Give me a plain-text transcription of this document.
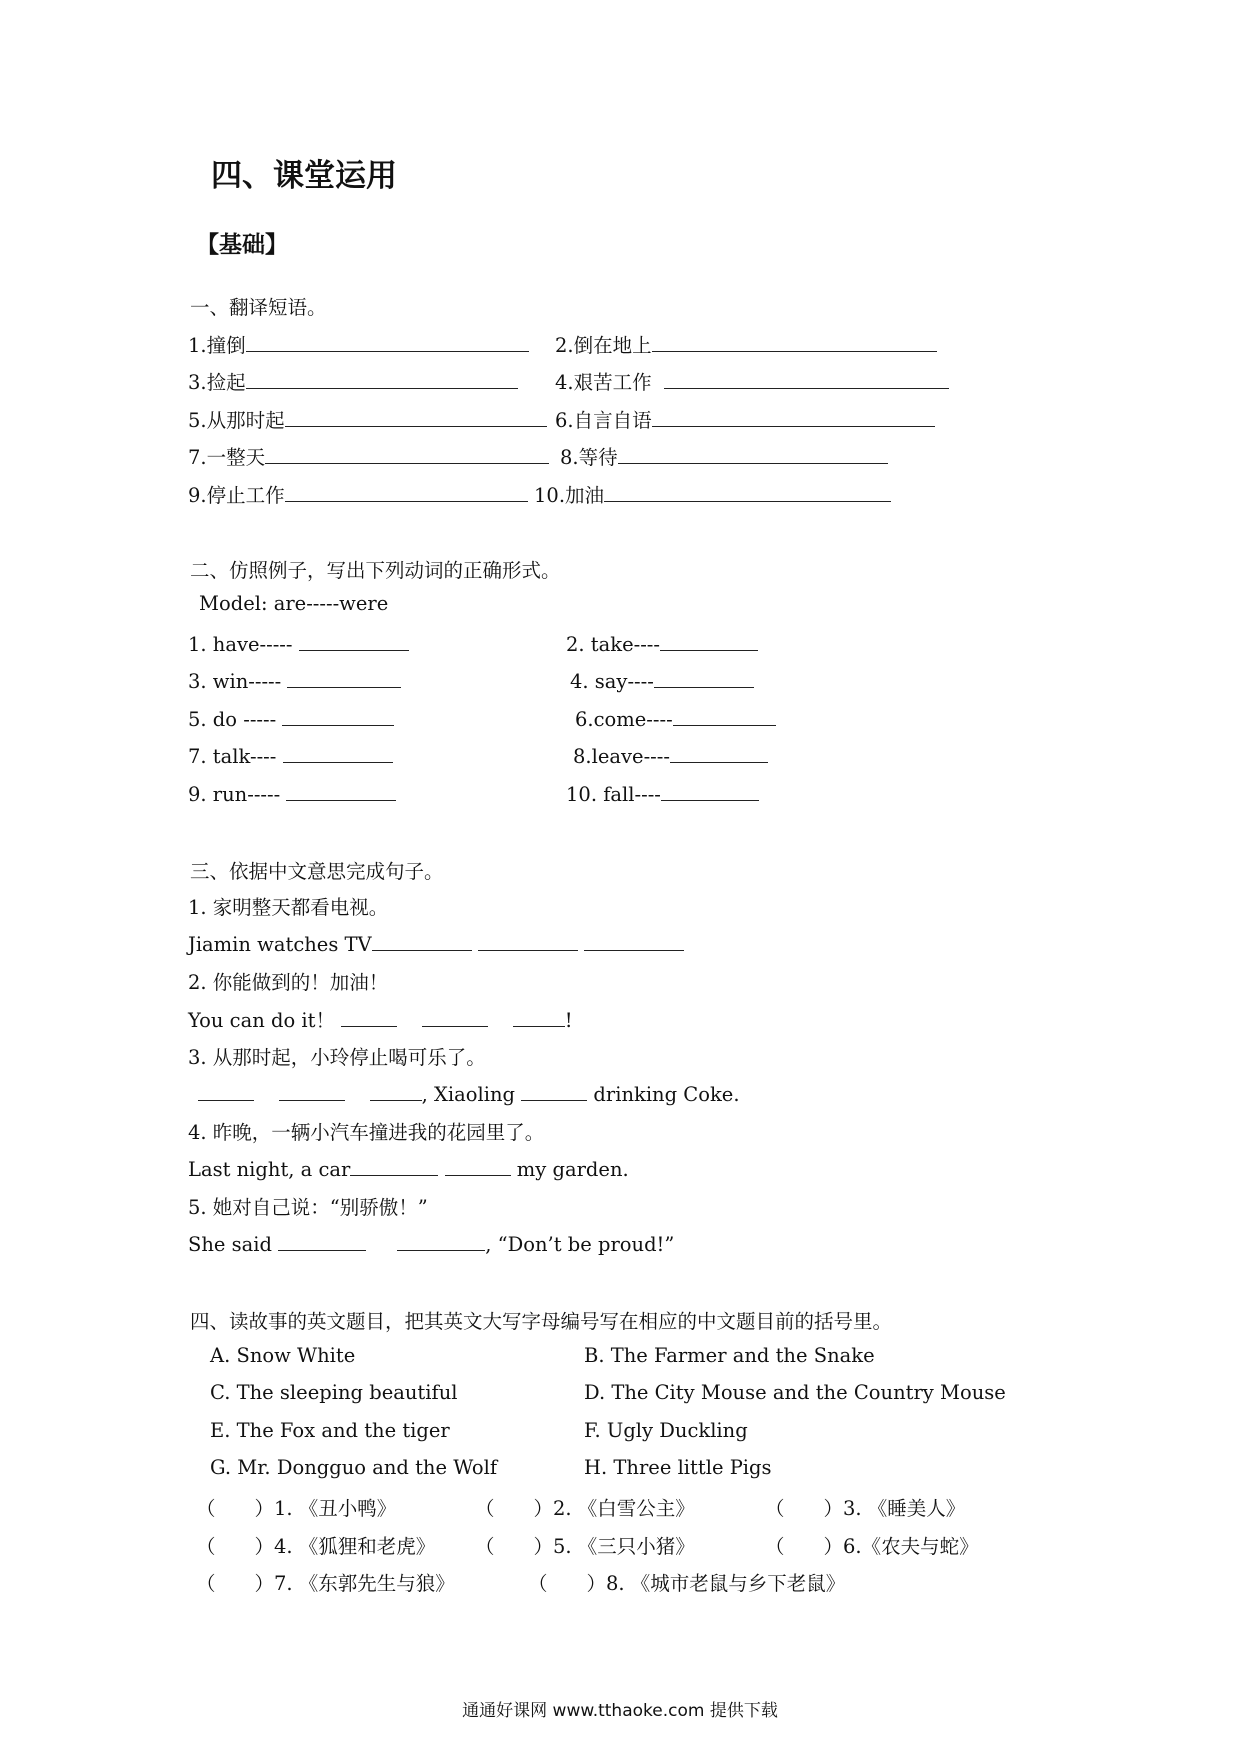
四、课堂运用
【基础】
一、翻译短语。
1.撞倒	2.倒在地上
3.捡起	4.艰苦工作
5.从那时起	6.自言自语
7.一整天	8.等待
9.停止工作	10.加油
二、仿照例子，写出下列动词的正确形式。
Model: are-----were
1. have-----	2. take----
3. win-----	4. say----
5. do -----	6.come----
7. talk----	8.leave----
9. run-----	10. fall----
三、依据中文意思完成句子。
1. 家明整天都看电视。
Jiamin watches TV
2. 你能做到的！加油！
You can do it！	!
3. 从那时起，小玲停止喝可乐了。
, Xiaoling	drinking Coke.
4. 昨晚，一辆小汽车撞进我的花园里了。
Last night, a car	my garden.
5. 她对自己说：“别骄傲！”
She said	, “Don’t be proud!”
四、读故事的英文题目，把其英文大写字母编号写在相应的中文题目前的括号里。
A. Snow White	B. The Farmer and the Snake
C. The sleeping beautiful	D. The City Mouse and the Country Mouse
E. The Fox and the tiger	F. Ugly Duckling
G. Mr. Dongguo and the Wolf	H. Three little Pigs
（　　）1. 《丑小鸭》	（　　）2. 《白雪公主》	（　　）3. 《睡美人》
（　　）4. 《狐狸和老虎》 （　　）5. 《三只小猪》	（　　）6.《农夫与蛇》
（　　）7. 《东郭先生与狼》	（　　）8. 《城市老鼠与乡下老鼠》
通通好课网 www.tthaoke.com 提供下载
